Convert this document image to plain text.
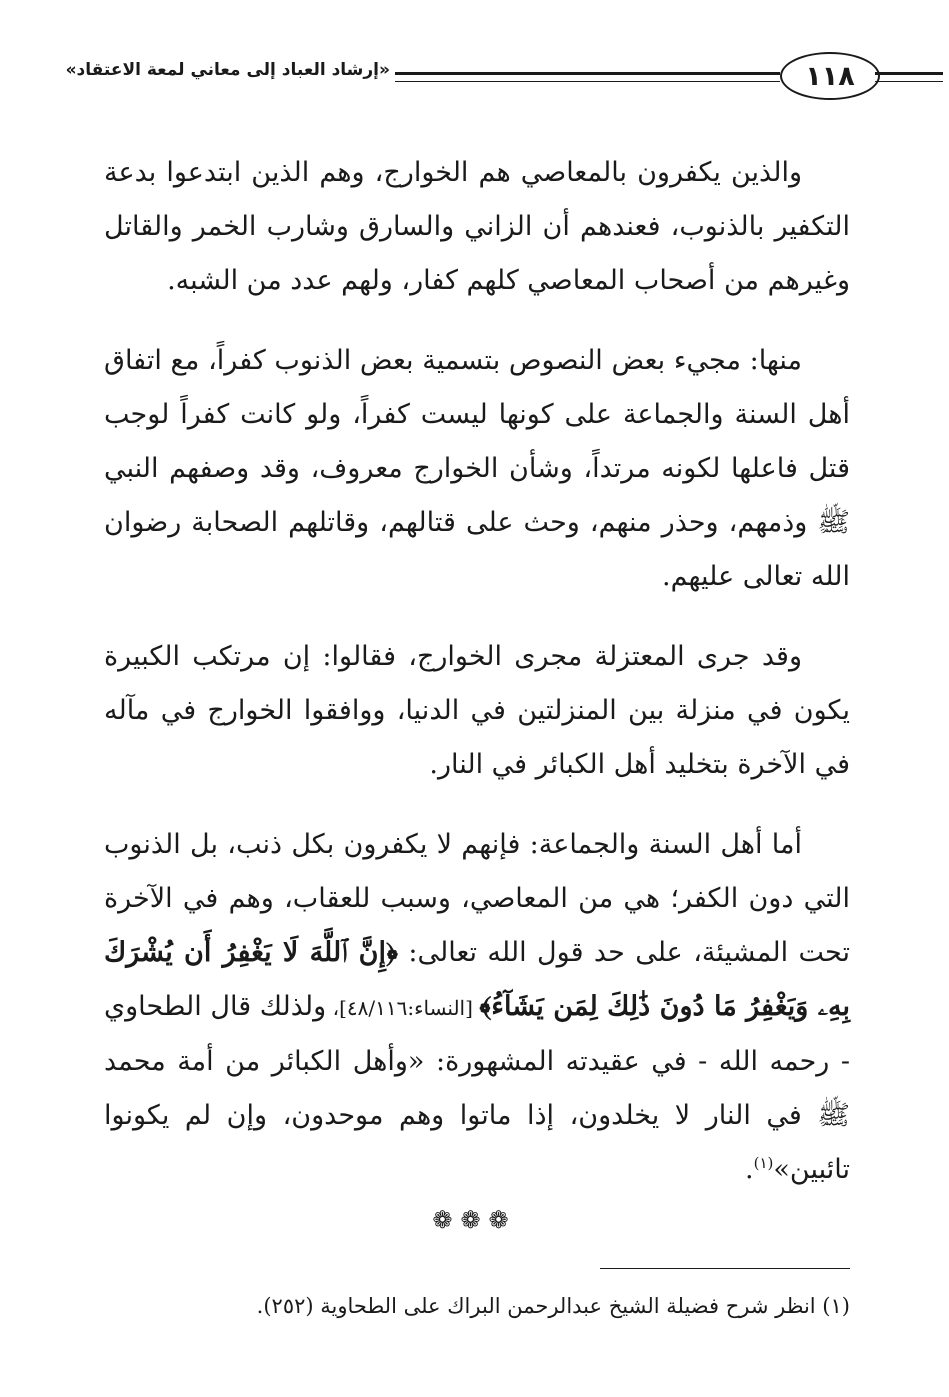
«إرشاد العباد إلى معاني لمعة الاعتقاد»	١١٨

والذين يكفرون بالمعاصي هم الخوارج، وهم الذين ابتدعوا بدعة التكفير بالذنوب، فعندهم أن الزاني والسارق وشارب الخمر والقاتل وغيرهم من أصحاب المعاصي كلهم كفار، ولهم عدد من الشبه.

منها: مجيء بعض النصوص بتسمية بعض الذنوب كفراً، مع اتفاق أهل السنة والجماعة على كونها ليست كفراً، ولو كانت كفراً لوجب قتل فاعلها لكونه مرتداً، وشأن الخوارج معروف، وقد وصفهم النبي ﷺ وذمهم، وحذر منهم، وحث على قتالهم، وقاتلهم الصحابة رضوان الله تعالى عليهم.

وقد جرى المعتزلة مجرى الخوارج، فقالوا: إن مرتكب الكبيرة يكون في منزلة بين المنزلتين في الدنيا، ووافقوا الخوارج في مآله في الآخرة بتخليد أهل الكبائر في النار.

أما أهل السنة والجماعة: فإنهم لا يكفرون بكل ذنب، بل الذنوب التي دون الكفر؛ هي من المعاصي، وسبب للعقاب، وهم في الآخرة تحت المشيئة، على حد قول الله تعالى: ﴿إِنَّ ٱللَّهَ لَا يَغْفِرُ أَن يُشْرَكَ بِهِۦ وَيَغْفِرُ مَا دُونَ ذَٰلِكَ لِمَن يَشَآءُ﴾ [النساء:٤٨/١١٦]، ولذلك قال الطحاوي - رحمه الله - في عقيدته المشهورة: «وأهل الكبائر من أمة محمد ﷺ في النار لا يخلدون، إذا ماتوا وهم موحدون، وإن لم يكونوا تائبين»$^{(١)}$.

❁❁❁
(١) انظر شرح فضيلة الشيخ عبدالرحمن البراك على الطحاوية (٢٥٢).
